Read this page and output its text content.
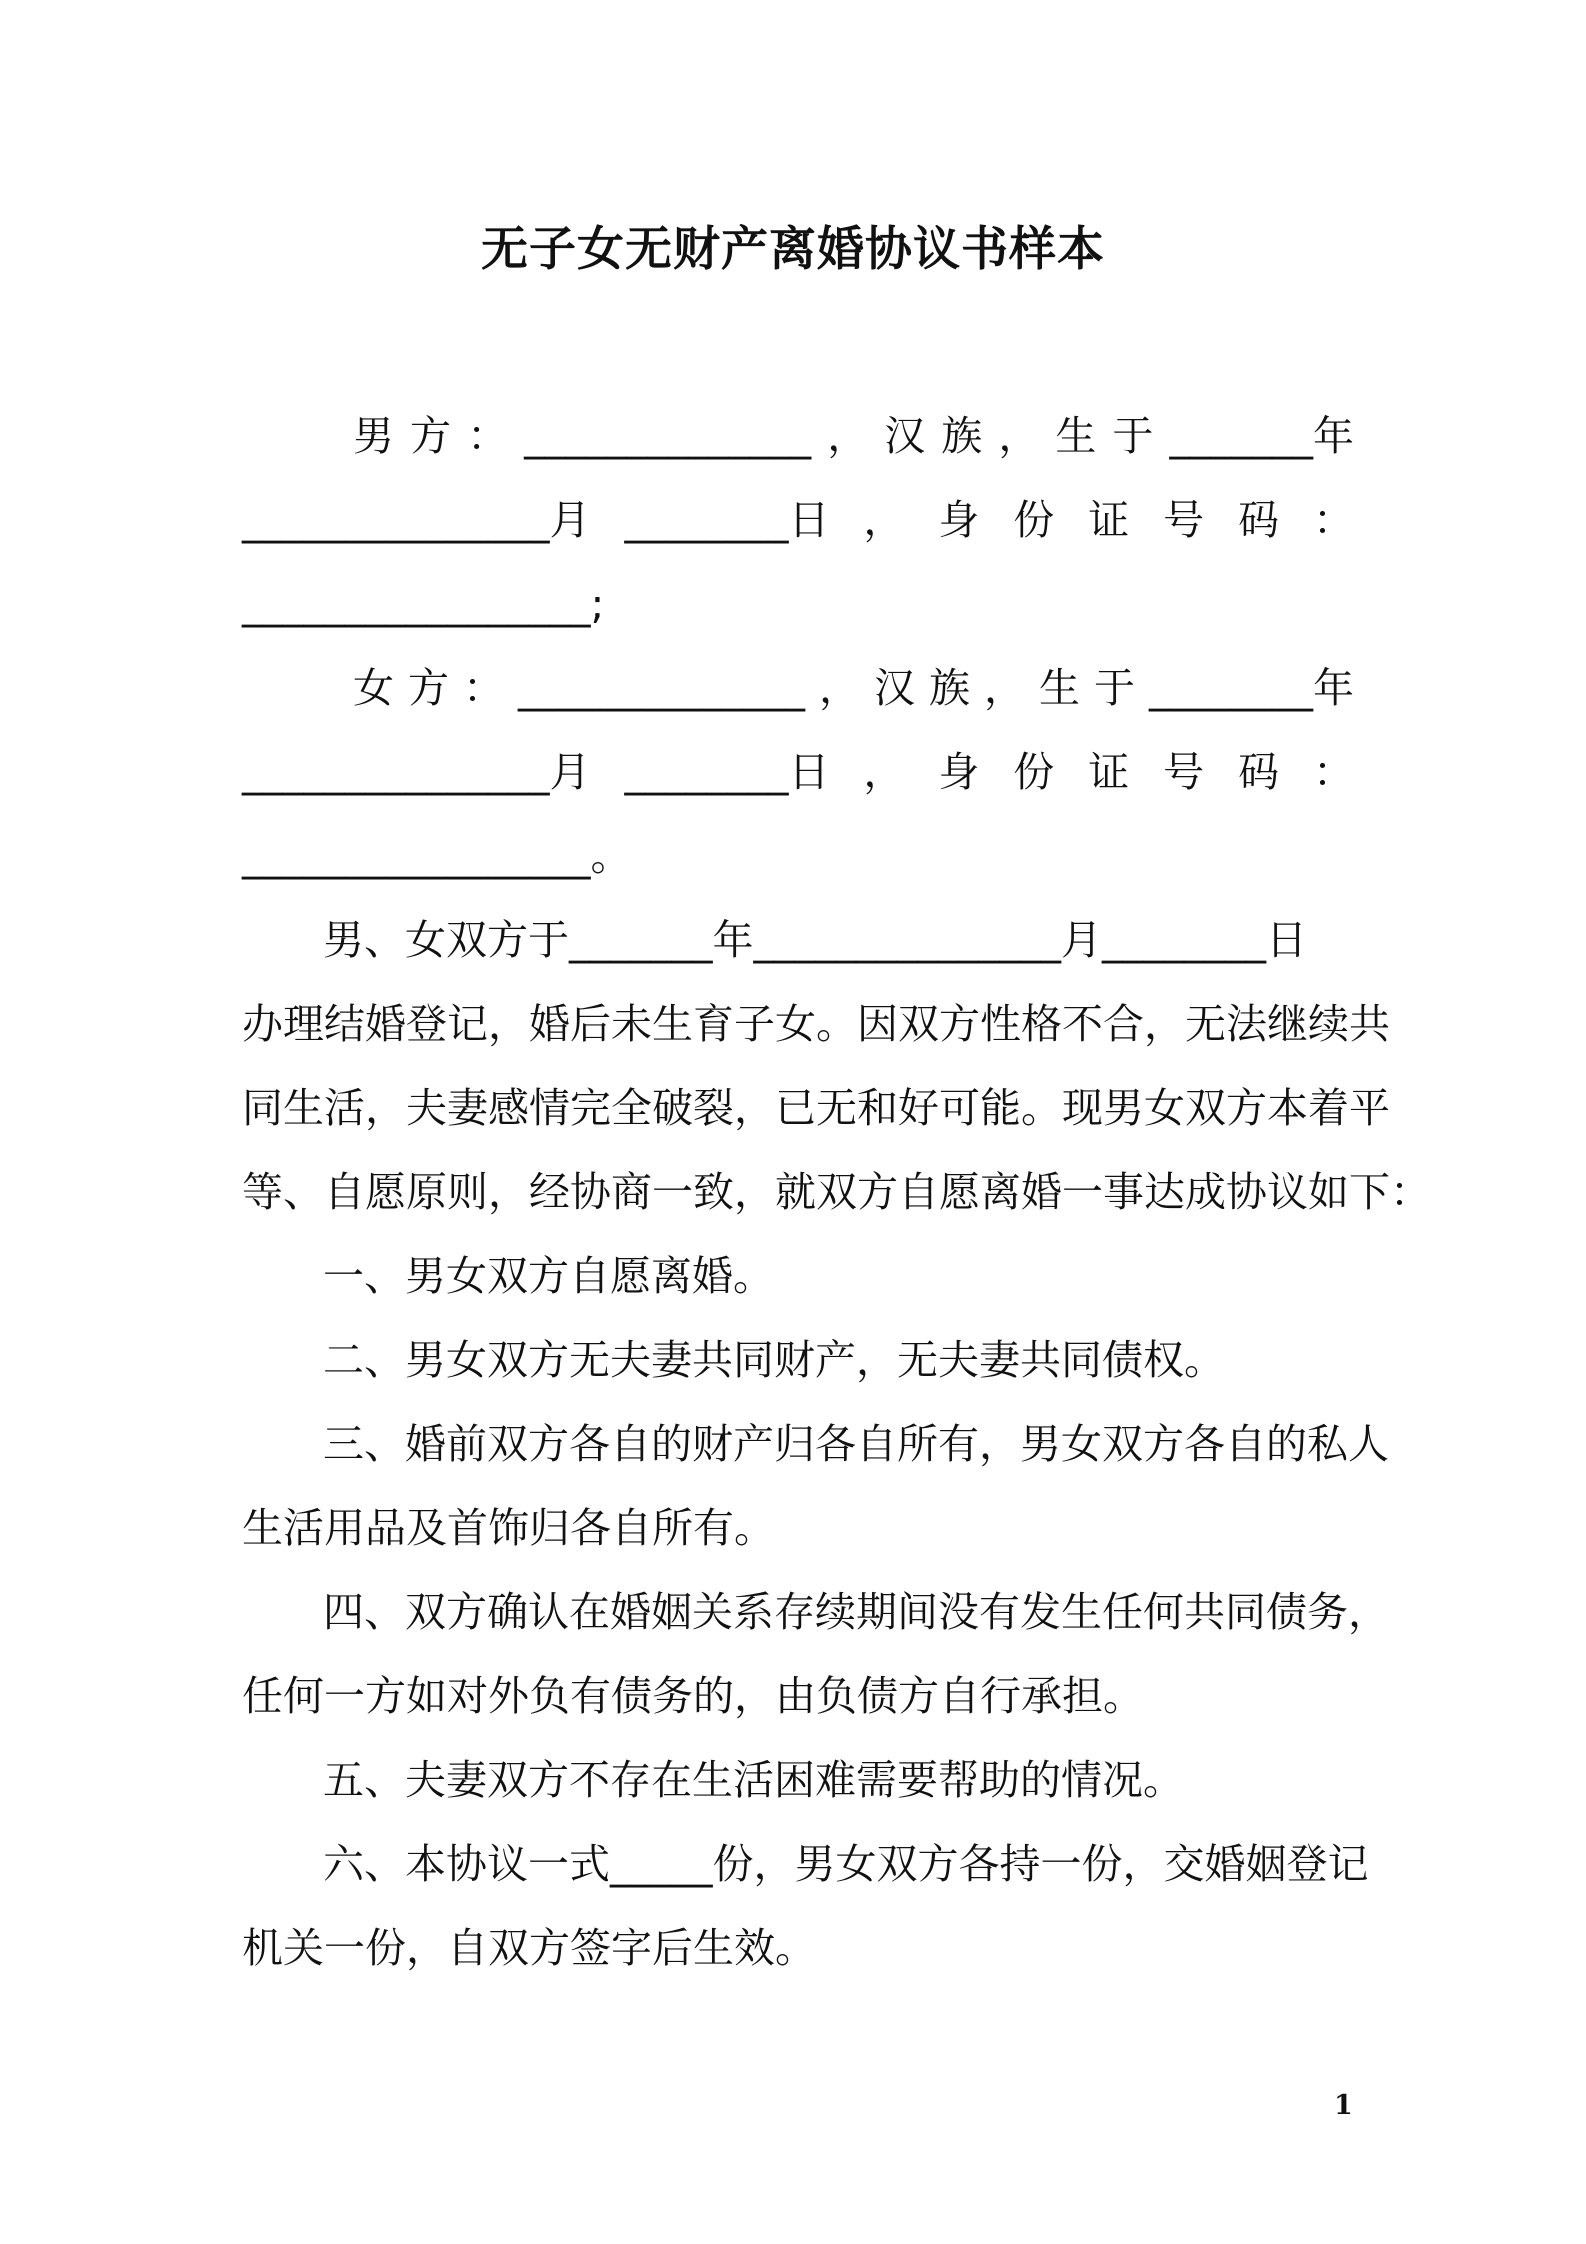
无子女无财产离婚协议书样本
男 方 ： ______________ ， 汉 族 ， 生 于 _______年
_______________月 ________日 ， 身 份 证 号 码 ：
_________________;
女 方 ： ______________ ， 汉 族 ， 生 于 ________年
_______________月 ________日 ， 身 份 证 号 码 ：
_________________。
男、女双方于_______年_______________月________日
办理结婚登记，婚后未生育子女。因双方性格不合，无法继续共
同生活，夫妻感情完全破裂，已无和好可能。现男女双方本着平
等、自愿原则，经协商一致，就双方自愿离婚一事达成协议如下：
一、男女双方自愿离婚。
二、男女双方无夫妻共同财产，无夫妻共同债权。
三、婚前双方各自的财产归各自所有，男女双方各自的私人
生活用品及首饰归各自所有。
四、双方确认在婚姻关系存续期间没有发生任何共同债务，
任何一方如对外负有债务的，由负债方自行承担。
五、夫妻双方不存在生活困难需要帮助的情况。
六、本协议一式_____份，男女双方各持一份，交婚姻登记
机关一份，自双方签字后生效。
1
